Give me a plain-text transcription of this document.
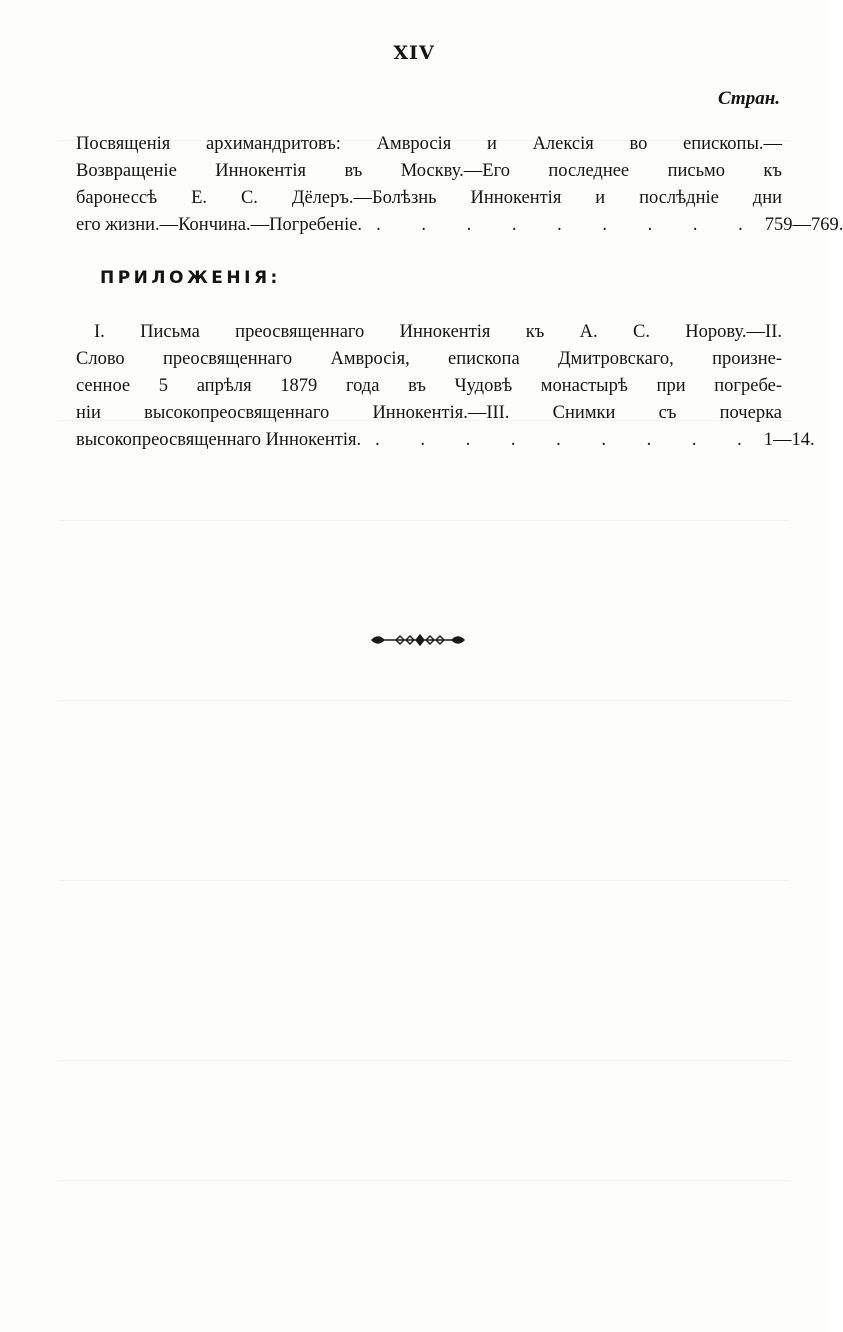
XIV
Стран.
Посвященія архимандритовъ: Амвросія и Алексія во епископы.—
Возвращеніе Иннокентія въ Москву.—Его последнее письмо къ
баронессѣ Е. С. Дёлеръ.—Болѣзнь Иннокентія и послѣдніе дни
его жизни.—Кончина.—Погребеніе. . . . . . . . . . 759—769.
ПРИЛОЖЕНІЯ:
I. Письма преосвященнаго Иннокентія къ А. С. Норову.—II.
Слово преосвященнаго Амвросія, епископа Дмитровскаго, произне-
сенное 5 апрѣля 1879 года въ Чудовѣ монастырѣ при погребе-
ніи высокопреосвященнаго Иннокентія.—III. Снимки съ почерка
высокопреосвященнаго Иннокентія. . . . . . . . . . 1—14.
